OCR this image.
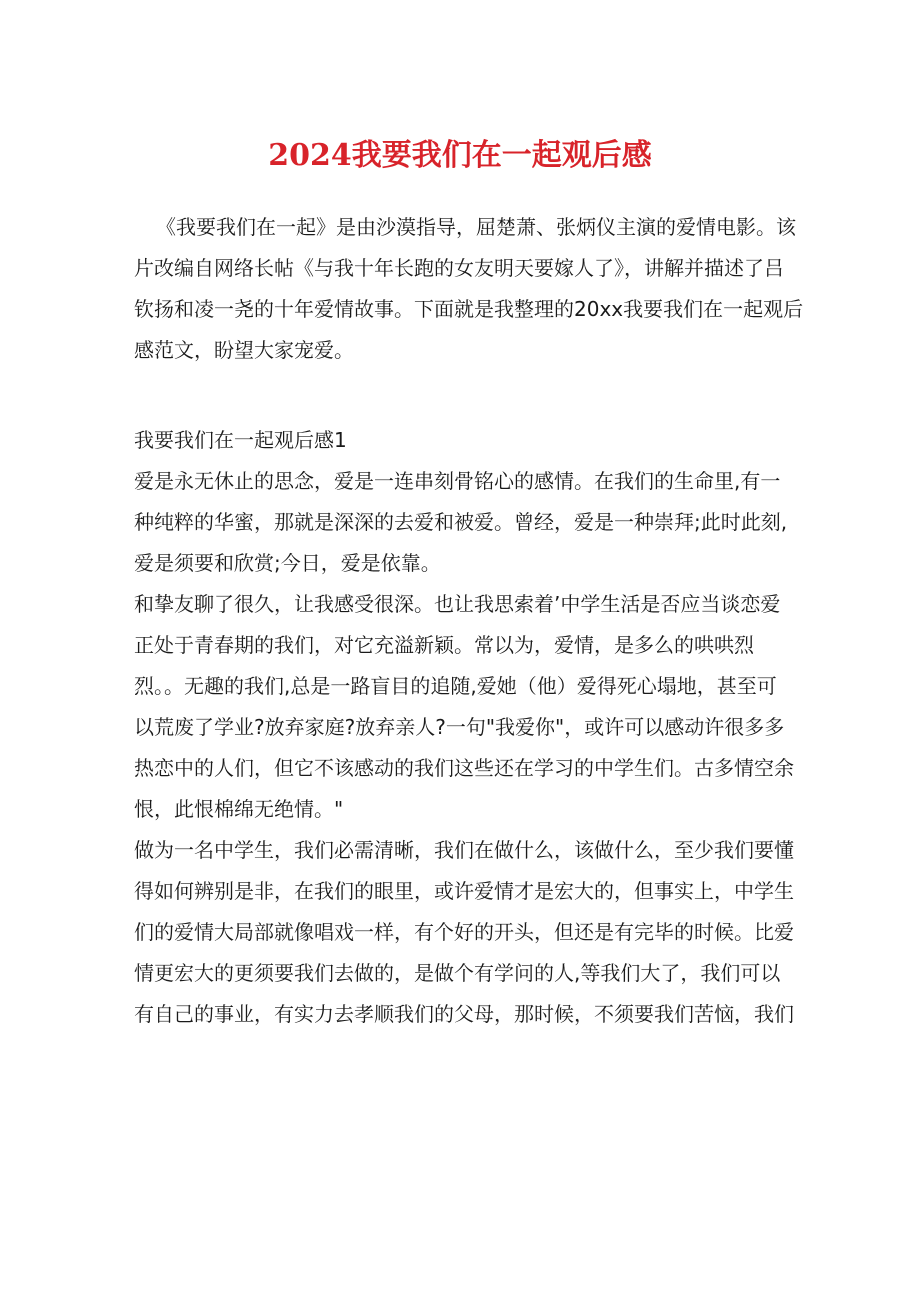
2024我要我们在一起观后感
《我要我们在一起》是由沙漠指导，屈楚萧、张炳仪主演的爱情电影。该
片改编自网络长帖《与我十年长跑的女友明天要嫁人了》，讲解并描述了吕
钦扬和凌一尧的十年爱情故事。下面就是我整理的20xx我要我们在一起观后
感范文，盼望大家宠爱。
我要我们在一起观后感1
爱是永无休止的思念，爱是一连串刻骨铭心的感情。在我们的生命里,有一
种纯粹的华蜜，那就是深深的去爱和被爱。曾经，爱是一种崇拜;此时此刻,
爱是须要和欣赏;今日，爱是依靠。
和挚友聊了很久，让我感受很深。也让我思索着’中学生活是否应当谈恋爱
正处于青春期的我们，对它充溢新颖。常以为，爱情，是多么的哄哄烈
烈。。无趣的我们,总是一路盲目的追随,爱她（他）爱得死心塌地，甚至可
以荒废了学业?放弃家庭?放弃亲人?一句"我爱你"，或许可以感动许很多多
热恋中的人们，但它不该感动的我们这些还在学习的中学生们。古多情空余
恨，此恨棉绵无绝情。"
做为一名中学生，我们必需清晰，我们在做什么，该做什么，至少我们要懂
得如何辨别是非，在我们的眼里，或许爱情才是宏大的，但事实上，中学生
们的爱情大局部就像唱戏一样，有个好的开头，但还是有完毕的时候。比爱
情更宏大的更须要我们去做的，是做个有学问的人,等我们大了，我们可以
有自己的事业，有实力去孝顺我们的父母，那时候，不须要我们苦恼，我们
